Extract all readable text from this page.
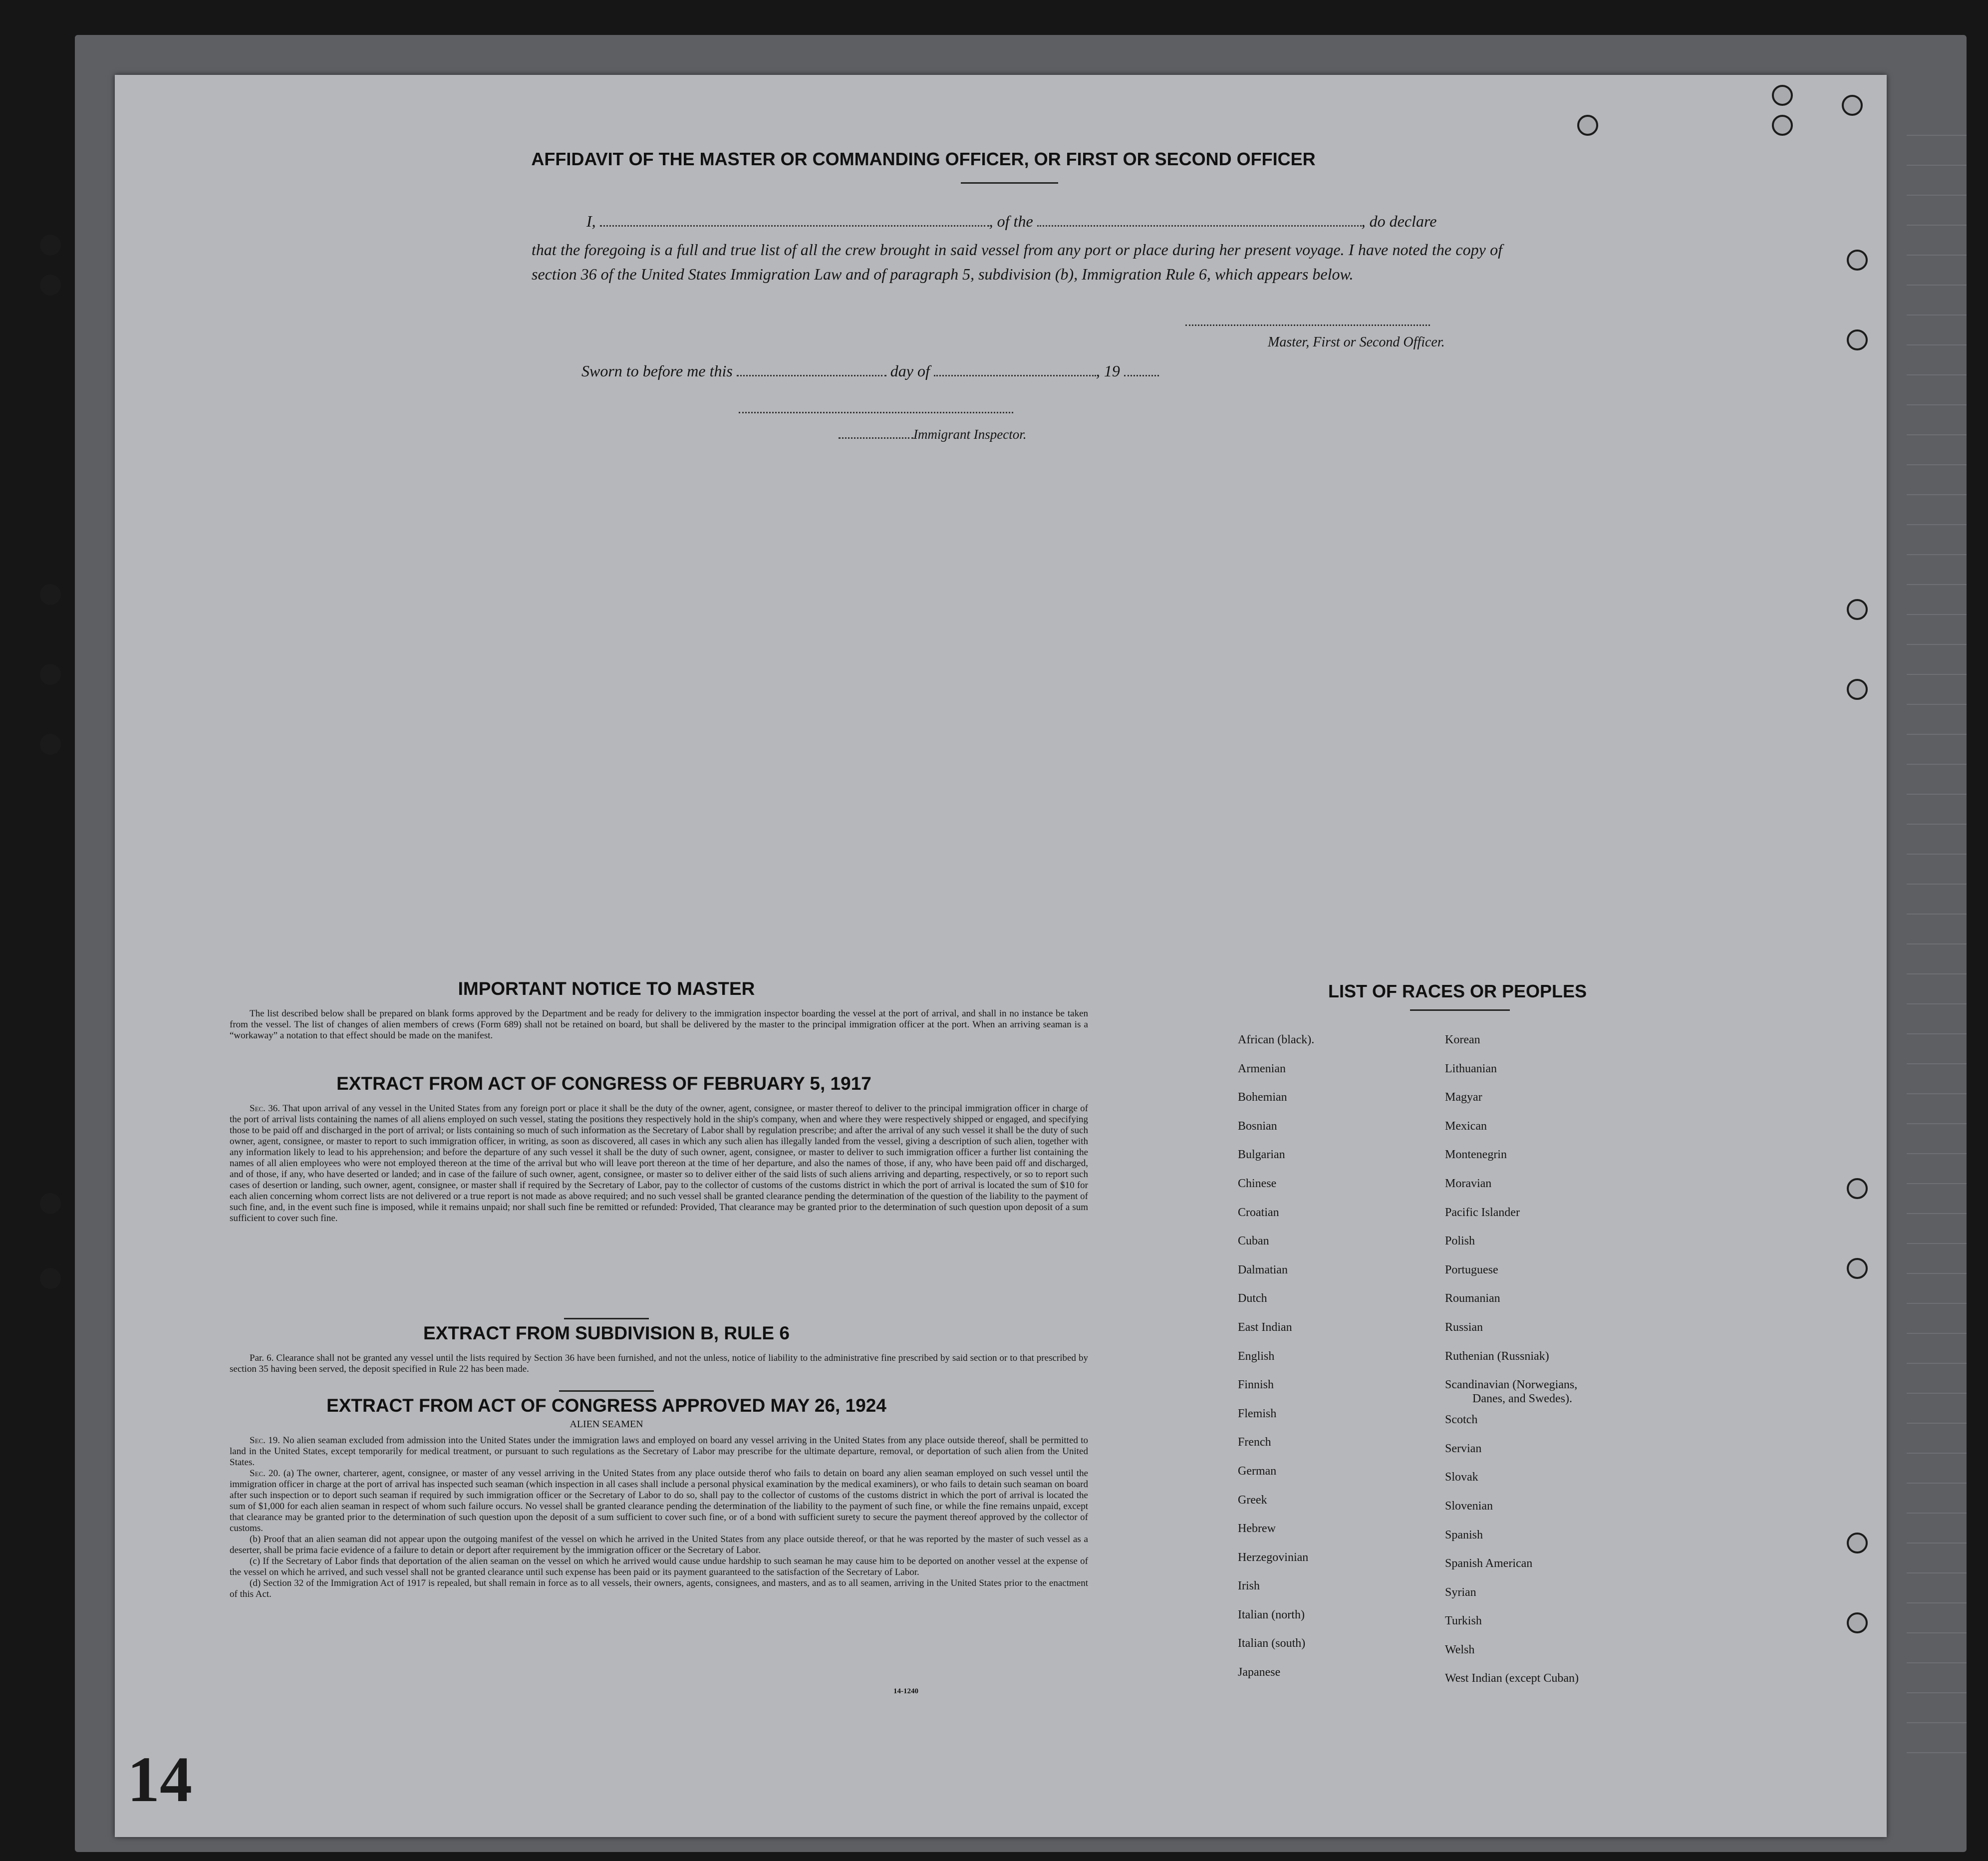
AFFIDAVIT OF THE MASTER OR COMMANDING OFFICER, OR FIRST OR SECOND OFFICER
I,	, of the	, do declare
that the foregoing is a full and true list of all the crew brought in said vessel from any port or place during her present voyage. I have noted the copy of section 36 of the United States Immigration Law and of paragraph 5, subdivision (b), Immigration Rule 6, which appears below.
Master, First or Second Officer.
Sworn to before me this	day of	, 19
Immigrant Inspector.
IMPORTANT NOTICE TO MASTER

The list described below shall be prepared on blank forms approved by the Department and be ready for delivery to the immigration inspector boarding the vessel at the port of arrival, and shall in no instance be taken from the vessel. The list of changes of alien members of crews (Form 689) shall not be retained on board, but shall be delivered by the master to the principal immigration officer at the port. When an arriving seaman is a “workaway” a notation to that effect should be made on the manifest.

EXTRACT FROM ACT OF CONGRESS OF FEBRUARY 5, 1917

Sec. 36. That upon arrival of any vessel in the United States from any foreign port or place it shall be the duty of the owner, agent, consignee, or master thereof to deliver to the principal immigration officer in charge of the port of arrival lists containing the names of all aliens employed on such vessel, stating the positions they respectively hold in the ship's company, when and where they were respectively shipped or engaged, and specifying those to be paid off and discharged in the port of arrival; or lists containing so much of such information as the Secretary of Labor shall by regulation prescribe; and after the arrival of any such vessel it shall be the duty of such owner, agent, consignee, or master to report to such immigration officer, in writing, as soon as discovered, all cases in which any such alien has illegally landed from the vessel, giving a description of such alien, together with any information likely to lead to his apprehension; and before the departure of any such vessel it shall be the duty of such owner, agent, consignee, or master to deliver to such immigration officer a further list containing the names of all alien employees who were not employed thereon at the time of the arrival but who will leave port thereon at the time of her departure, and also the names of those, if any, who have been paid off and discharged, and of those, if any, who have deserted or landed; and in case of the failure of such owner, agent, consignee, or master so to deliver either of the said lists of such aliens arriving and departing, respectively, or so to report such cases of desertion or landing, such owner, agent, consignee, or master shall if required by the Secretary of Labor, pay to the collector of customs of the customs district in which the port of arrival is located the sum of $10 for each alien concerning whom correct lists are not delivered or a true report is not made as above required; and no such vessel shall be granted clearance pending the determination of the question of the liability to the payment of such fine, and, in the event such fine is imposed, while it remains unpaid; nor shall such fine be remitted or refunded: Provided, That clearance may be granted prior to the determination of such question upon deposit of a sum sufficient to cover such fine.

EXTRACT FROM SUBDIVISION B, RULE 6

Par. 6. Clearance shall not be granted any vessel until the lists required by Section 36 have been furnished, and not the unless, notice of liability to the administrative fine prescribed by said section or to that prescribed by section 35 having been served, the deposit specified in Rule 22 has been made.

EXTRACT FROM ACT OF CONGRESS APPROVED MAY 26, 1924
ALIEN SEAMEN

Sec. 19. No alien seaman excluded from admission into the United States under the immigration laws and employed on board any vessel arriving in the United States from any place outside thereof, shall be permitted to land in the United States, except temporarily for medical treatment, or pursuant to such regulations as the Secretary of Labor may prescribe for the ultimate departure, removal, or deportation of such alien from the United States.

Sec. 20. (a) The owner, charterer, agent, consignee, or master of any vessel arriving in the United States from any place outside therof who fails to detain on board any alien seaman employed on such vessel until the immigration officer in charge at the port of arrival has inspected such seaman (which inspection in all cases shall include a personal physical examination by the medical examiners), or who fails to detain such seaman on board after such inspection or to deport such seaman if required by such immigration officer or the Secretary of Labor to do so, shall pay to the collector of customs of the customs district in which the port of arrival is located the sum of $1,000 for each alien seaman in respect of whom such failure occurs. No vessel shall be granted clearance pending the determination of the liability to the payment of such fine, or while the fine remains unpaid, except that clearance may be granted prior to the determination of such question upon the deposit of a sum sufficient to cover such fine, or of a bond with sufficient surety to secure the payment thereof approved by the collector of customs.

(b) Proof that an alien seaman did not appear upon the outgoing manifest of the vessel on which he arrived in the United States from any place outside thereof, or that he was reported by the master of such vessel as a deserter, shall be prima facie evidence of a failure to detain or deport after requirement by the immigration officer or the Secretary of Labor.

(c) If the Secretary of Labor finds that deportation of the alien seaman on the vessel on which he arrived would cause undue hardship to such seaman he may cause him to be deported on another vessel at the expense of the vessel on which he arrived, and such vessel shall not be granted clearance until such expense has been paid or its payment guaranteed to the satisfaction of the Secretary of Labor.

(d) Section 32 of the Immigration Act of 1917 is repealed, but shall remain in force as to all vessels, their owners, agents, consignees, and masters, and as to all seamen, arriving in the United States prior to the enactment of this Act.

14-1240
LIST OF RACES OR PEOPLES
African (black).
Armenian
Bohemian
Bosnian
Bulgarian
Chinese
Croatian
Cuban
Dalmatian
Dutch
East Indian
English
Finnish
Flemish
French
German
Greek
Hebrew
Herzegovinian
Irish
Italian (north)
Italian (south)
Japanese
Korean
Lithuanian
Magyar
Mexican
Montenegrin
Moravian
Pacific Islander
Polish
Portuguese
Roumanian
Russian
Ruthenian (Russniak)
Scandinavian (Norwegians,
Danes, and Swedes).
Scotch
Servian
Slovak
Slovenian
Spanish
Spanish American
Syrian
Turkish
Welsh
West Indian (except Cuban)
14
